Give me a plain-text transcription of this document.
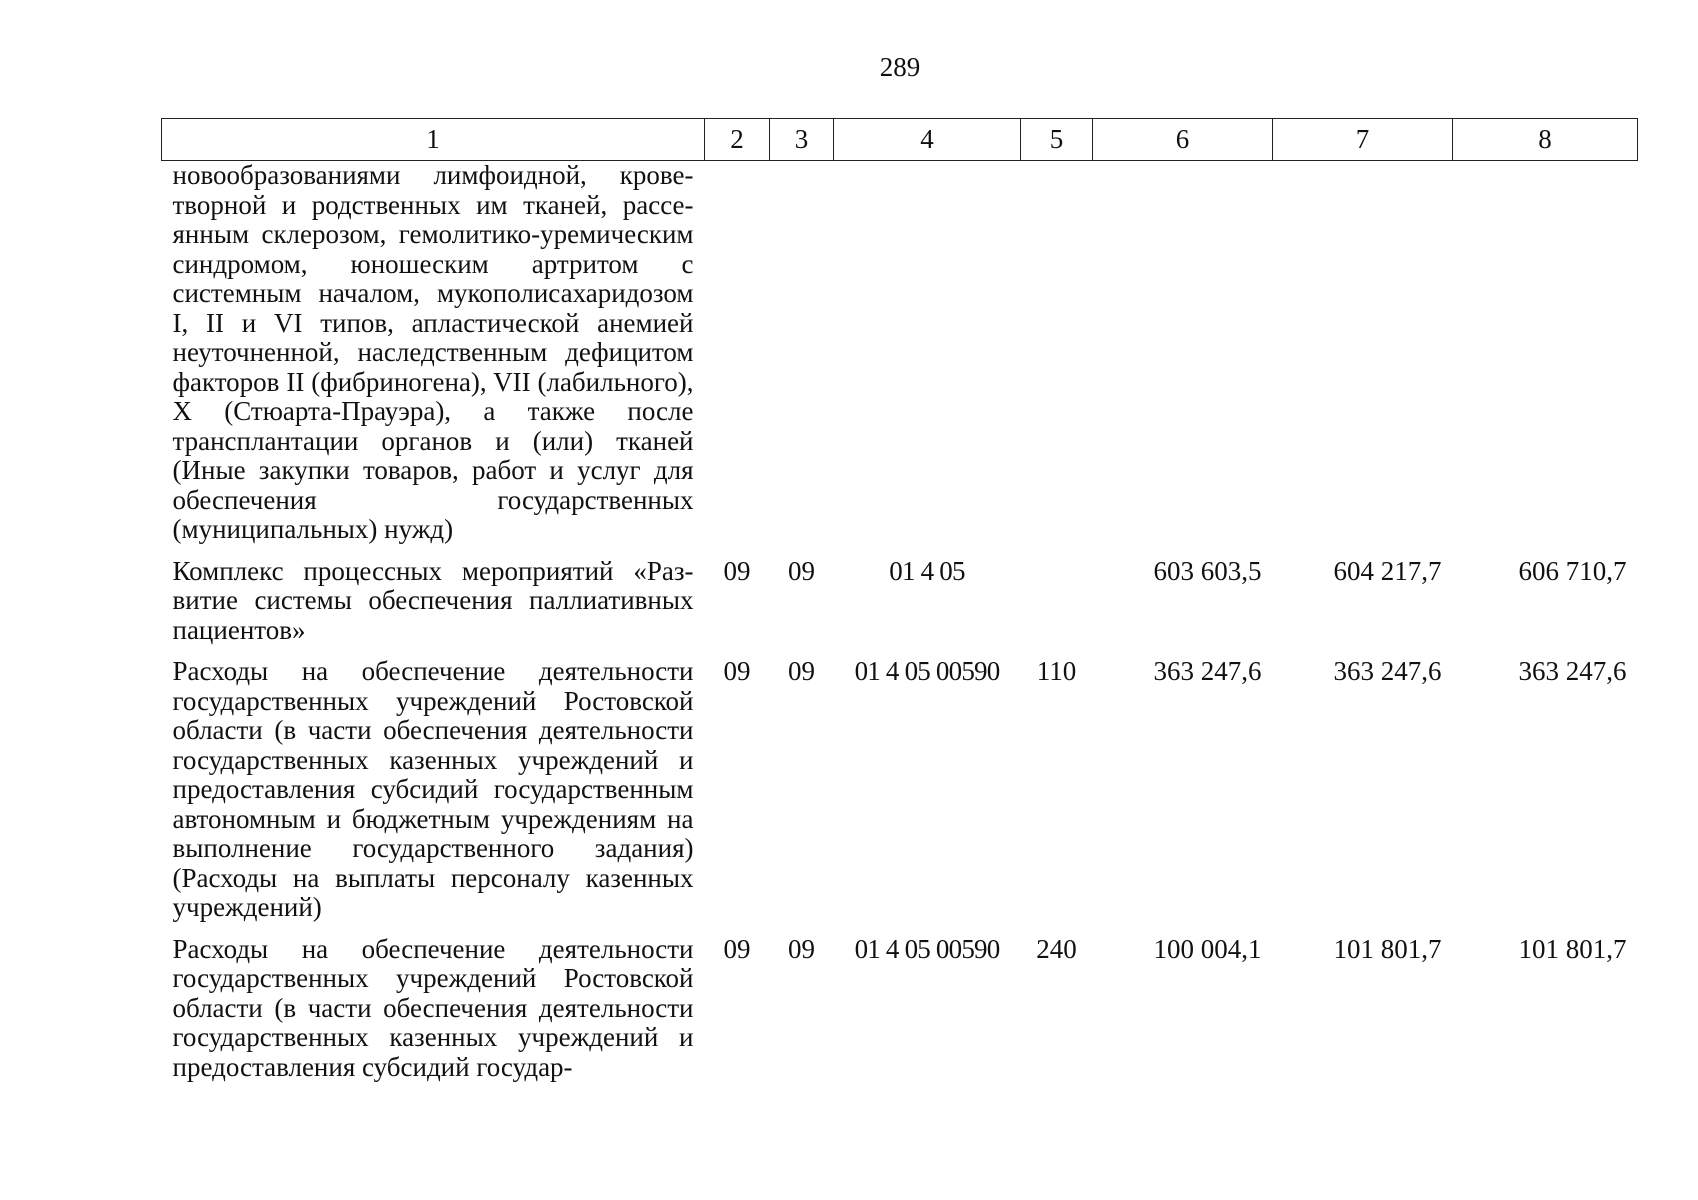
289
1	2	3	4	5	6	7	8
новообразованиями лимфоидной, кроветворной и родственных им тканей, рассеянным склерозом, гемолитико-уремическим синдромом, юношеским артритом с системным началом, мукополисахаридозом I, II и VI типов, апластической анемией неуточненной, наследственным дефицитом факторов II (фибриногена), VII (лабильного), X (Стюарта-Прауэра), а также после трансплантации органов и (или) тканей (Иные закупки товаров, работ и услуг для обеспечения государственных (муниципальных) нужд)							
Комплекс процессных мероприятий «Развитие системы обеспечения паллиативных пациентов»	09	09	01 4 05		603 603,5	604 217,7	606 710,7
Расходы на обеспечение деятельности государственных учреждений Ростовской области (в части обеспечения деятельности государственных казенных учреждений и предоставления субсидий государственным автономным и бюджетным учреждениям на выполнение государственного задания) (Расходы на выплаты персоналу казенных учреждений)	09	09	01 4 05 00590	110	363 247,6	363 247,6	363 247,6
Расходы на обеспечение деятельности государственных учреждений Ростовской области (в части обеспечения деятельности государственных казенных учреждений и предоставления субсидий государ-	09	09	01 4 05 00590	240	100 004,1	101 801,7	101 801,7
